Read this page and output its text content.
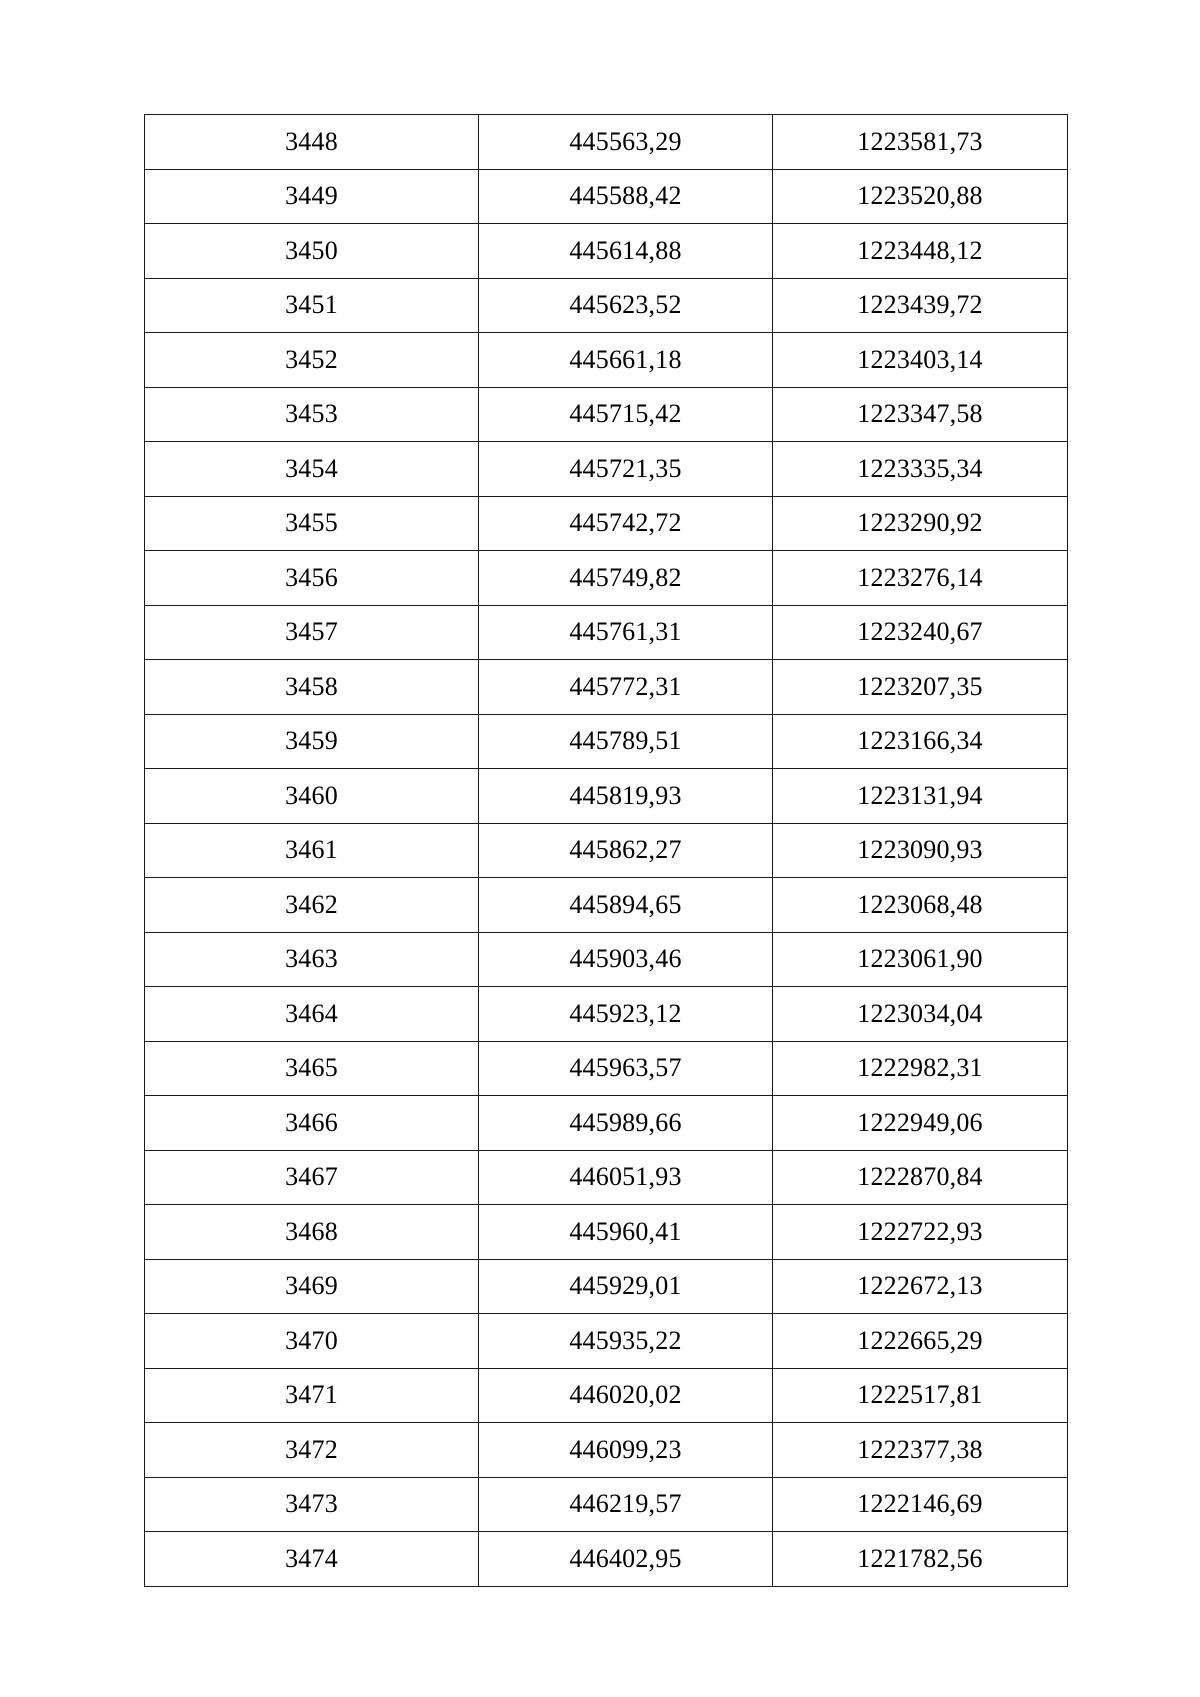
3448	445563,29	1223581,73
3449	445588,42	1223520,88
3450	445614,88	1223448,12
3451	445623,52	1223439,72
3452	445661,18	1223403,14
3453	445715,42	1223347,58
3454	445721,35	1223335,34
3455	445742,72	1223290,92
3456	445749,82	1223276,14
3457	445761,31	1223240,67
3458	445772,31	1223207,35
3459	445789,51	1223166,34
3460	445819,93	1223131,94
3461	445862,27	1223090,93
3462	445894,65	1223068,48
3463	445903,46	1223061,90
3464	445923,12	1223034,04
3465	445963,57	1222982,31
3466	445989,66	1222949,06
3467	446051,93	1222870,84
3468	445960,41	1222722,93
3469	445929,01	1222672,13
3470	445935,22	1222665,29
3471	446020,02	1222517,81
3472	446099,23	1222377,38
3473	446219,57	1222146,69
3474	446402,95	1221782,56
